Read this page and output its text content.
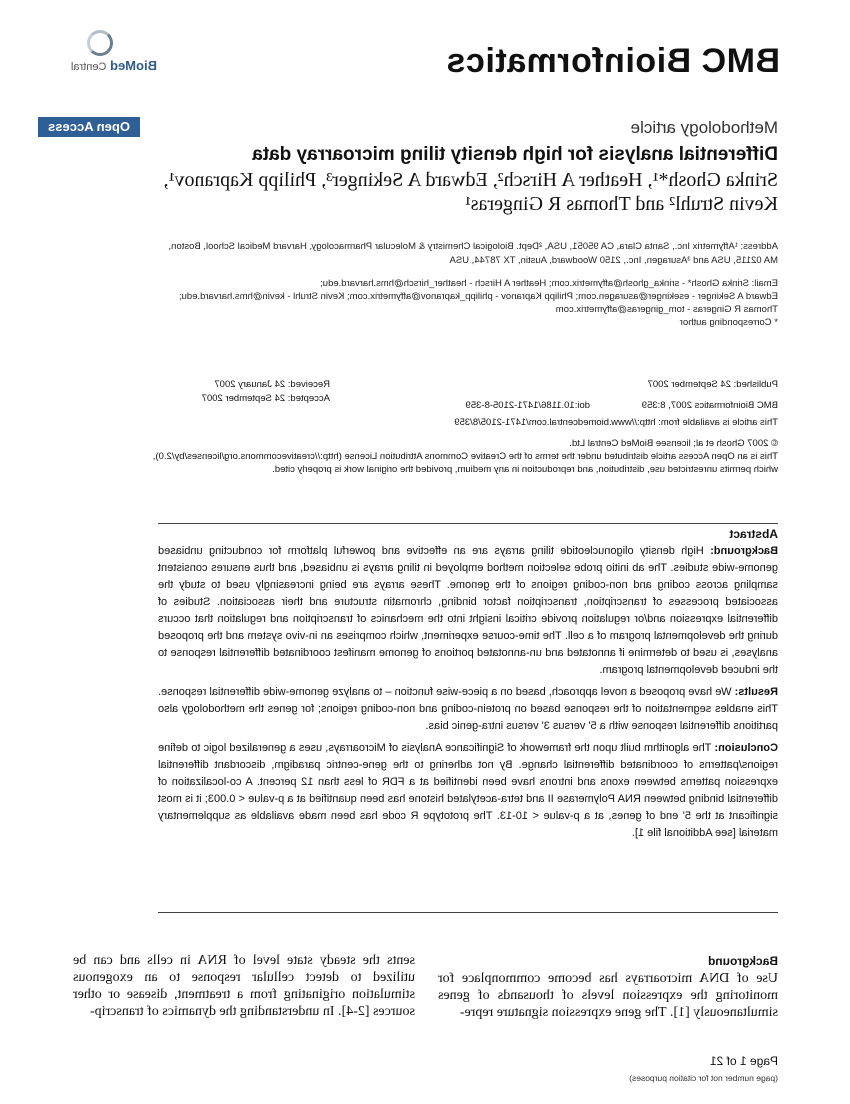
BMC Bioinformatics
BioMed Central
Methodology article
Open Access
Differential analysis for high density tiling microarray data
Srinka Ghosh*¹, Heather A Hirsch², Edward A Sekinger³, Philipp Kapranov¹,
Kevin Struhl² and Thomas R Gingeras¹
Address: ¹Affymetrix Inc., Santa Clara, CA 95051, USA, ²Dept. Biological Chemistry & Molecular Pharmacology, Harvard Medical School, Boston,
MA 02115, USA and ³Asuragen, Inc., 2150 Woodward, Austin, TX 78744, USA
Email: Srinka Ghosh* - srinka_ghosh@affymetrix.com; Heather A Hirsch - heather_hirsch@hms.harvard.edu;
Edward A Sekinger - esekinger@asuragen.com; Philipp Kapranov - philipp_kapranov@affymetrix.com; Kevin Struhl - kevin@hms.harvard.edu;
Thomas R Gingeras - tom_gingeras@affymetrix.com
* Corresponding author
Published: 24 September 2007
Received: 24 January 2007
Accepted: 24 September 2007
BMC Bioinformatics 2007, 8:359
doi:10.1186/1471-2105-8-359
This article is available from: http://www.biomedcentral.com/1471-2105/8/359
© 2007 Ghosh et al; licensee BioMed Central Ltd.
This is an Open Access article distributed under the terms of the Creative Commons Attribution License (http://creativecommons.org/licenses/by/2.0),
which permits unrestricted use, distribution, and reproduction in any medium, provided the original work is properly cited.
Abstract

Background: High density oligonucleotide tiling arrays are an effective and powerful platform for conducting unbiased genome-wide studies. The ab initio probe selection method employed in tiling arrays is unbiased, and thus ensures consistent sampling across coding and non-coding regions of the genome. These arrays are being increasingly used to study the associated processes of transcription, transcription factor binding, chromatin structure and their association. Studies of differential expression and/or regulation provide critical insight into the mechanics of transcription and regulation that occurs during the developmental program of a cell. The time-course experiment, which comprises an in-vivo system and the proposed analyses, is used to determine if annotated and un-annotated portions of genome manifest coordinated differential response to the induced developmental program.

Results: We have proposed a novel approach, based on a piece-wise function – to analyze genome-wide differential response. This enables segmentation of the response based on protein-coding and non-coding regions; for genes the methodology also partitions differential response with a 5' versus 3' versus intra-genic bias.

Conclusion: The algorithm built upon the framework of Significance Analysis of Microarrays, uses a generalized logic to define regions/patterns of coordinated differential change. By not adhering to the gene-centric paradigm, discordant differential expression patterns between exons and introns have been identified at a FDR of less than 12 percent. A co-localization of differential binding between RNA Polymerase II and tetra-acetylated histone has been quantified at a p-value < 0.003; it is most significant at the 5' end of genes, at a p-value < 10-13. The prototype R code has been made available as supplementary material [see Additional file 1].

Background
Use of DNA microarrays has become commonplace for monitoring the expression levels of thousands of genes simultaneously [1]. The gene expression signature repre-
sents the steady state level of RNA in cells and can be utilized to detect cellular response to an exogenous stimulation originating from a treatment, disease or other sources [2-4]. In understanding the dynamics of transcrip-
Page 1 of 21
(page number not for citation purposes)
